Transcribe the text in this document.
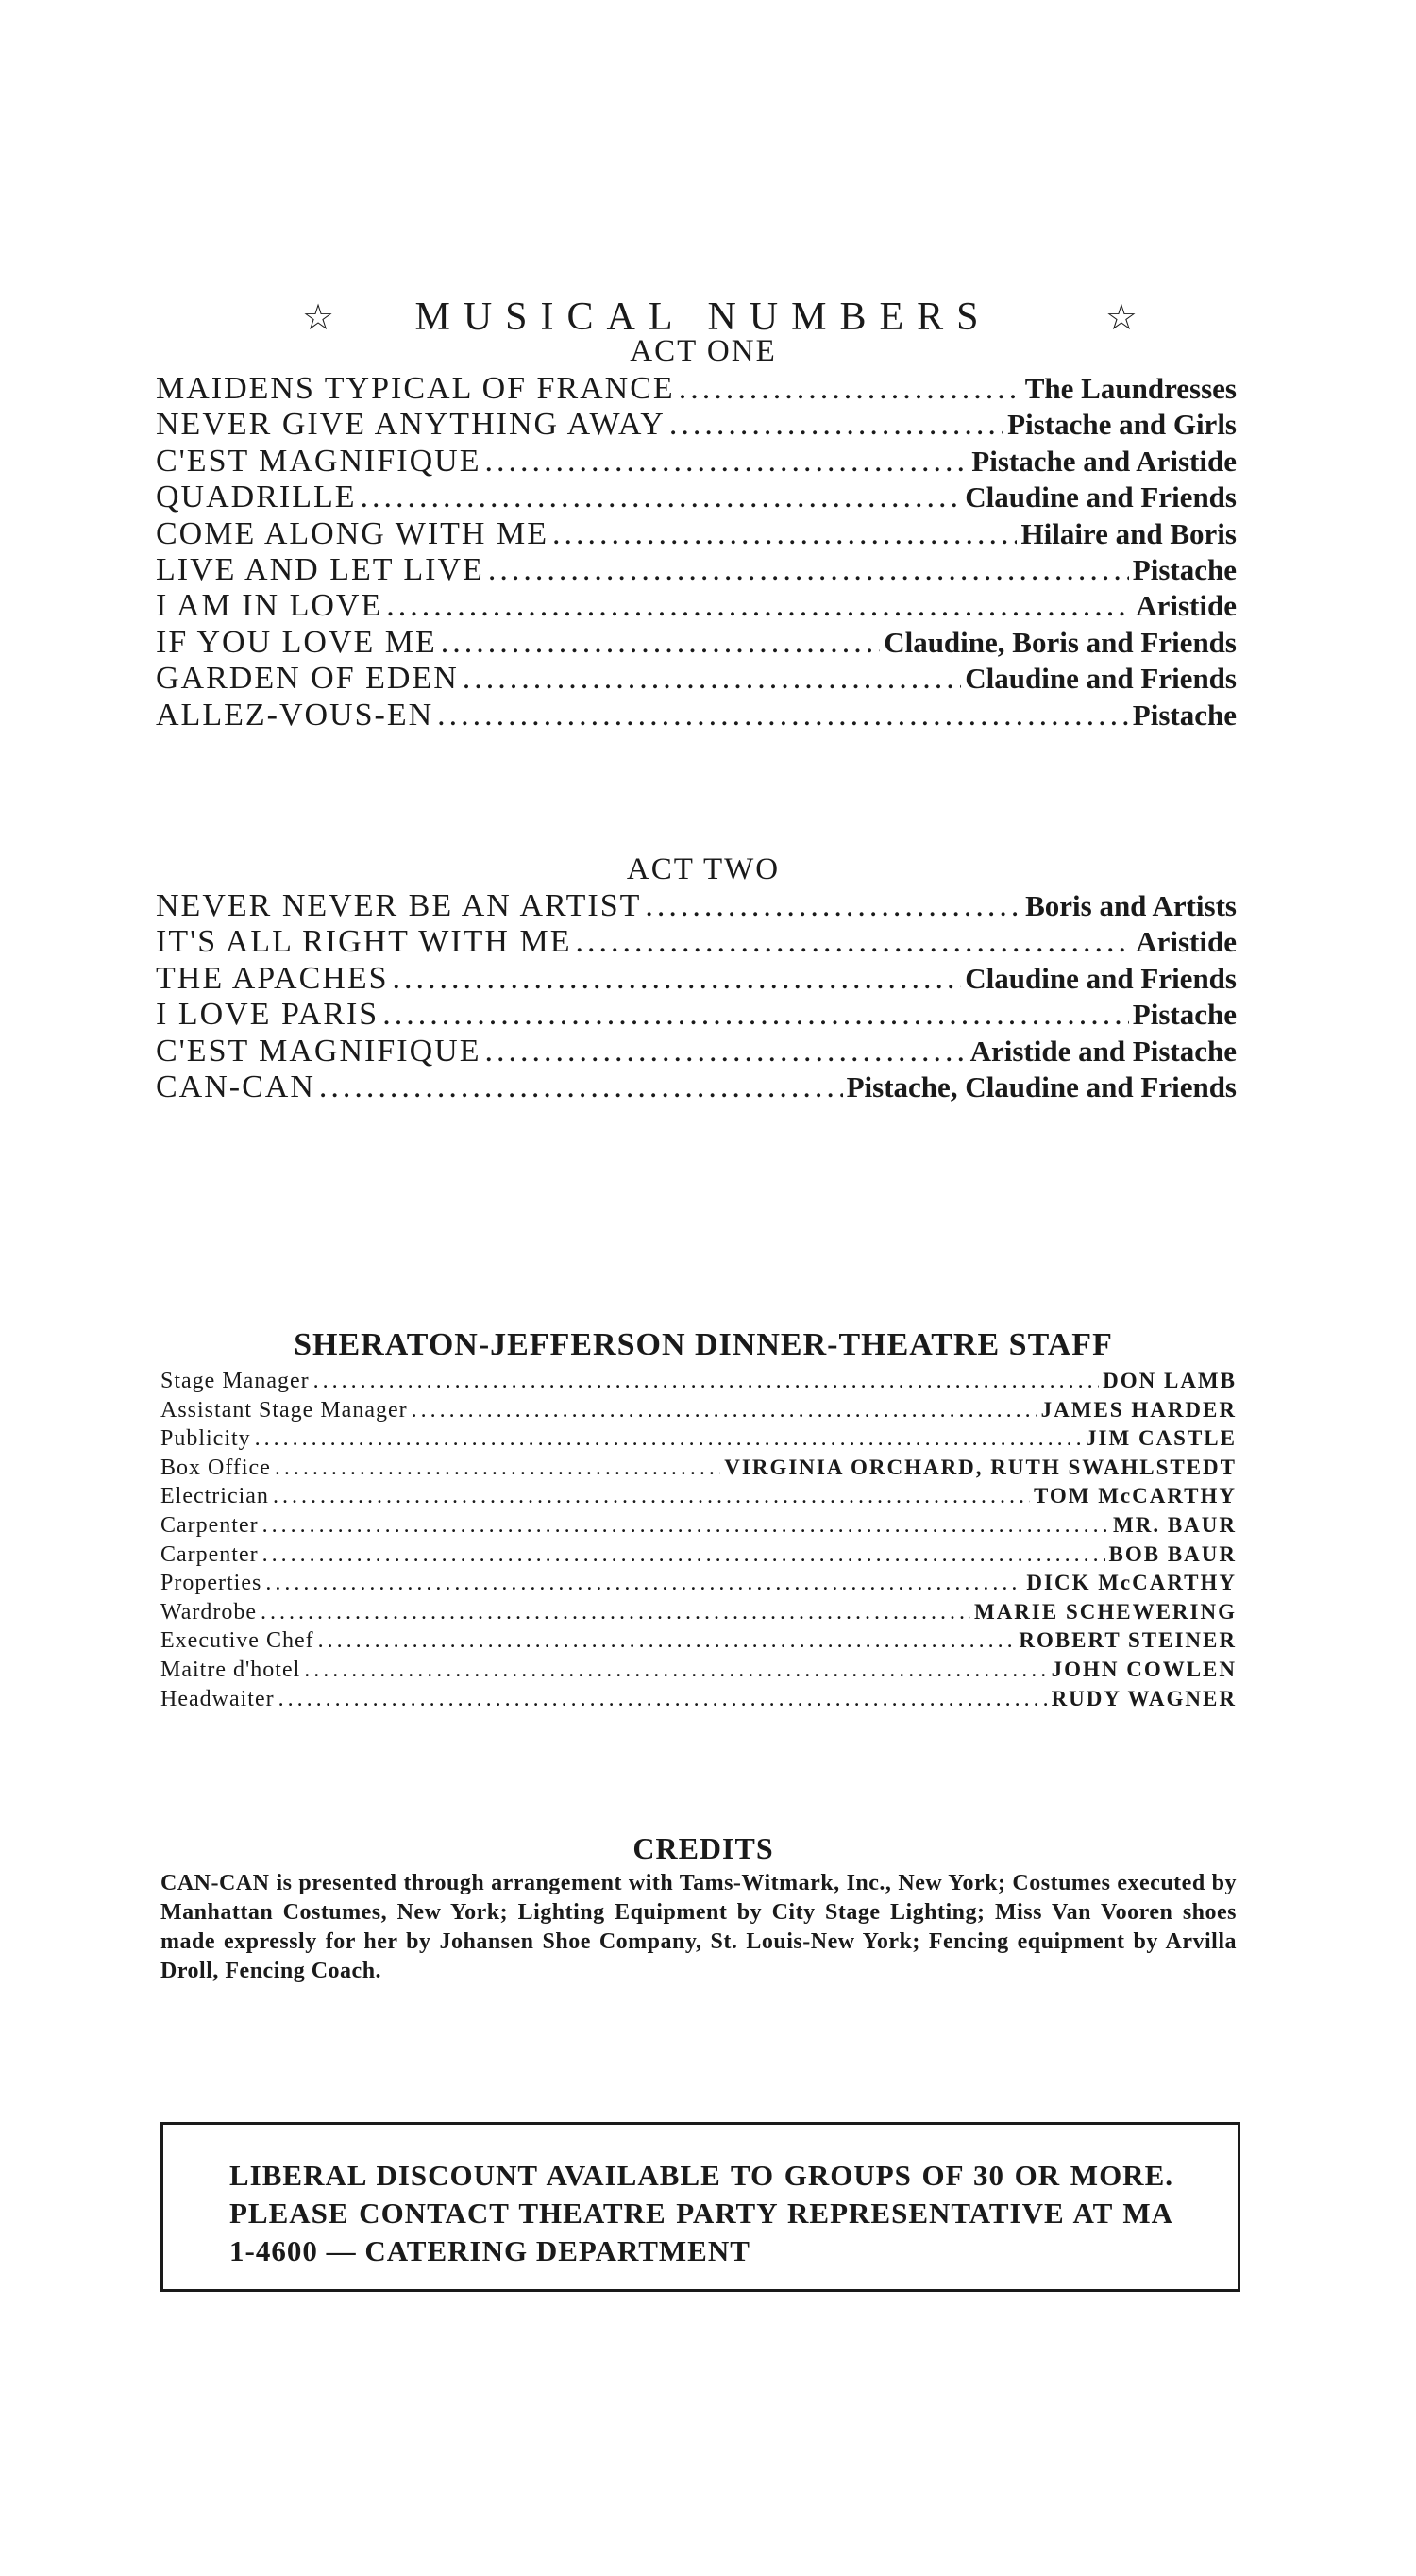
☆ MUSICAL NUMBERS	☆
ACT ONE
MAIDENS TYPICAL OF FRANCE .....	The Laundresses
NEVER GIVE ANYTHING AWAY .....	Pistache and Girls
C'EST MAGNIFIQUE .....	Pistache and Aristide
QUADRILLE .....	Claudine and Friends
COME ALONG WITH ME .....	Hilaire and Boris
LIVE AND LET LIVE .....	Pistache
I AM IN LOVE .....	Aristide
IF YOU LOVE ME .....	Claudine, Boris and Friends
GARDEN OF EDEN .....	Claudine and Friends
ALLEZ-VOUS-EN .....	Pistache
ACT TWO
NEVER NEVER BE AN ARTIST .....	Boris and Artists
IT'S ALL RIGHT WITH ME .....	Aristide
THE APACHES .....	Claudine and Friends
I LOVE PARIS .....	Pistache
C'EST MAGNIFIQUE .....	Aristide and Pistache
CAN-CAN .....	Pistache, Claudine and Friends
SHERATON-JEFFERSON DINNER-THEATRE STAFF
Stage Manager .....	DON LAMB
Assistant Stage Manager .....	JAMES HARDER
Publicity .....	JIM CASTLE
Box Office .....	VIRGINIA ORCHARD, RUTH SWAHLSTEDT
Electrician .....	TOM McCARTHY
Carpenter .....	MR. BAUR
Carpenter .....	BOB BAUR
Properties .....	DICK McCARTHY
Wardrobe .....	MARIE SCHEWERING
Executive Chef .....	ROBERT STEINER
Maitre d'hotel .....	JOHN COWLEN
Headwaiter .....	RUDY WAGNER
CREDITS
CAN-CAN is presented through arrangement with Tams-Witmark, Inc., New York; Costumes executed by Manhattan Costumes, New York; Lighting Equipment by City Stage Lighting; Miss Van Vooren shoes made expressly for her by Johansen Shoe Company, St. Louis-New York; Fencing equipment by Arvilla Droll, Fencing Coach.
LIBERAL DISCOUNT AVAILABLE TO GROUPS OF 30 OR MORE. PLEASE CONTACT THEATRE PARTY REPRESENTATIVE AT MA 1-4600 — CATERING DEPARTMENT
